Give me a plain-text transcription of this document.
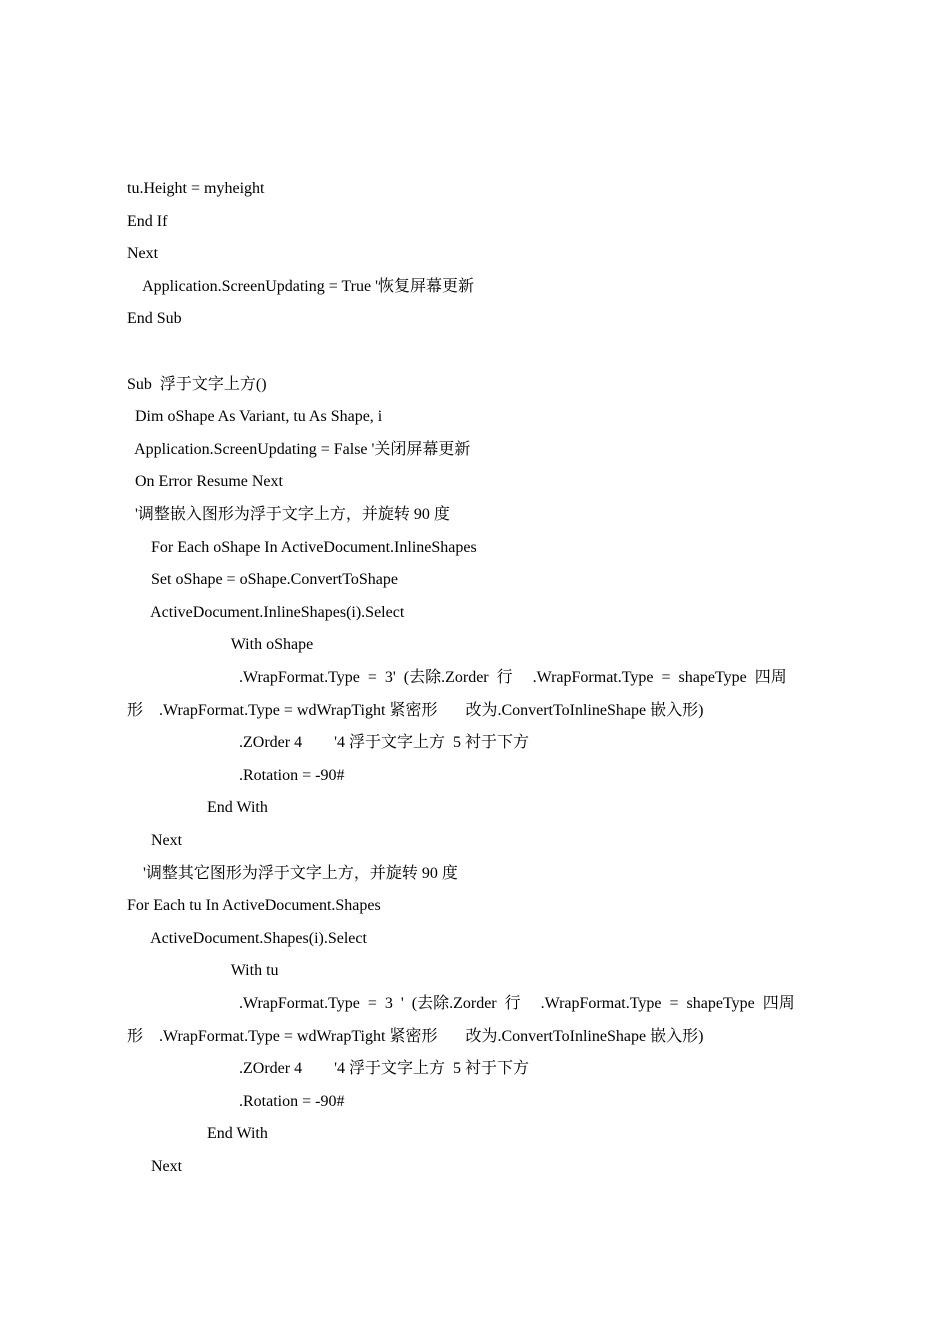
tu.Height = myheight
End If
Next
Application.ScreenUpdating = True '恢复屏幕更新
End Sub
Sub  浮于文字上方()
Dim oShape As Variant, tu As Shape, i
Application.ScreenUpdating = False '关闭屏幕更新
On Error Resume Next
'调整嵌入图形为浮于文字上方，并旋转 90 度
For Each oShape In ActiveDocument.InlineShapes
Set oShape = oShape.ConvertToShape
ActiveDocument.InlineShapes(i).Select
With oShape
.WrapFormat.Type  =  3'  (去除.Zorder  行     .WrapFormat.Type  =  shapeType  四周
形    .WrapFormat.Type = wdWrapTight 紧密形       改为.ConvertToInlineShape 嵌入形)
.ZOrder 4        '4 浮于文字上方  5 衬于下方
.Rotation = -90#
End With
Next
'调整其它图形为浮于文字上方，并旋转 90 度
For Each tu In ActiveDocument.Shapes
ActiveDocument.Shapes(i).Select
With tu
.WrapFormat.Type  =  3  '  (去除.Zorder  行     .WrapFormat.Type  =  shapeType  四周
形    .WrapFormat.Type = wdWrapTight 紧密形       改为.ConvertToInlineShape 嵌入形)
.ZOrder 4        '4 浮于文字上方  5 衬于下方
.Rotation = -90#
End With
Next
